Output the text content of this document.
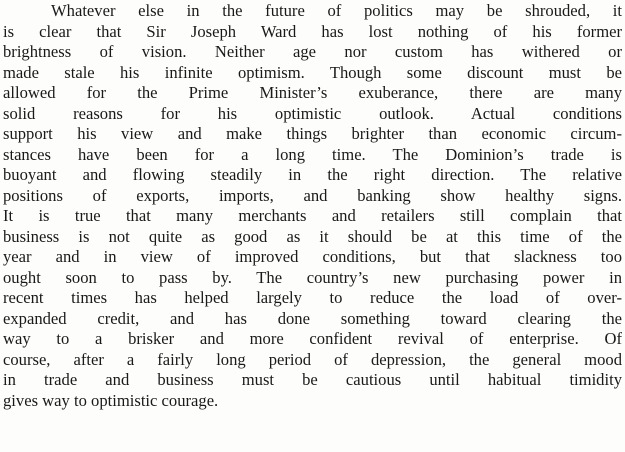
Whatever else in the future of politics may be shrouded, it
is clear that Sir Joseph Ward has lost nothing of his former
brightness of vision. Neither age nor custom has withered or
made stale his infinite optimism. Though some discount must be
allowed for the Prime Minister’s exuberance, there are many
solid reasons for his optimistic outlook. Actual conditions
support his view and make things brighter than economic circum-
stances have been for a long time. The Dominion’s trade is
buoyant and flowing steadily in the right direction. The relative
positions of exports, imports, and banking show healthy signs.
It is true that many merchants and retailers still complain that
business is not quite as good as it should be at this time of the
year and in view of improved conditions, but that slackness too
ought soon to pass by. The country’s new purchasing power in
recent times has helped largely to reduce the load of over-
expanded credit, and has done something toward clearing the
way to a brisker and more confident revival of enterprise. Of
course, after a fairly long period of depression, the general mood
in trade and business must be cautious until habitual timidity
gives way to optimistic courage.
